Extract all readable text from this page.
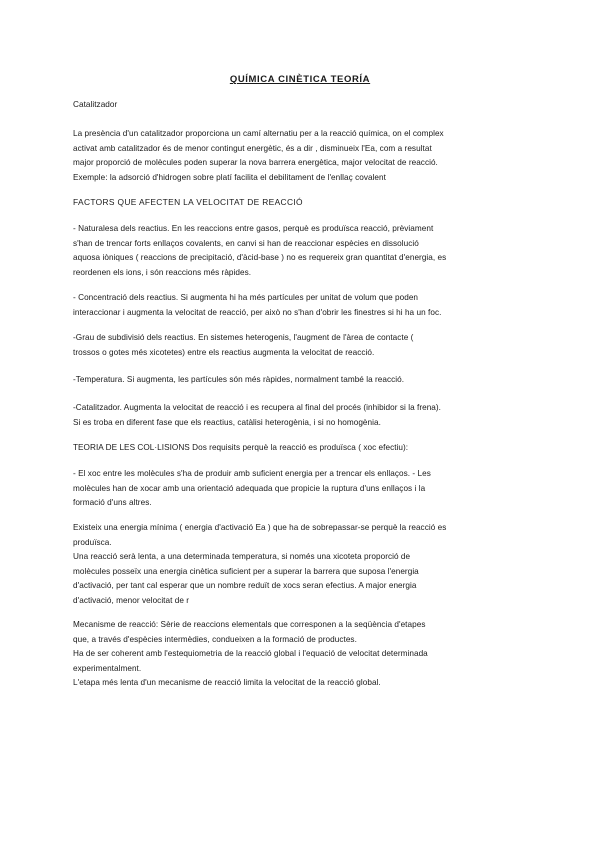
QUÍMICA CINÈTICA TEORÍA

Catalitzador

La presència d'un catalitzador proporciona un camí alternatiu per a la reacció química, on el complex
activat amb catalitzador és de menor contingut energètic, és a dir , disminueix l'Ea, com a resultat
major proporció de molècules poden superar la nova barrera energètica, major velocitat de reacció.
Exemple: la adsorció d'hidrogen sobre platí facilita el debilitament de l'enllaç covalent

FACTORS QUE AFECTEN LA VELOCITAT DE REACCIÓ

- Naturalesa dels reactius. En les reaccions entre gasos, perquè es produïsca reacció, prèviament
s'han de trencar forts enllaços covalents, en canvi si han de reaccionar espècies en dissolució
aquosa iòniques ( reaccions de precipitació, d'àcid-base ) no es requereix gran quantitat d'energia, es
reordenen els ions, i són reaccions més ràpides.

- Concentració dels reactius. Si augmenta hi ha més partícules per unitat de volum que poden
interaccionar i augmenta la velocitat de reacció, per això no s'han d'obrir les finestres si hi ha un foc.

-Grau de subdivisió dels reactius. En sistemes heterogenis, l'augment de l'àrea de contacte (
trossos o gotes més xicotetes) entre els reactius augmenta la velocitat de reacció.

-Temperatura. Si augmenta, les partícules són més ràpides, normalment també la reacció.

-Catalitzador. Augmenta la velocitat de reacció i es recupera al final del procés (inhibidor si la frena).
Si es troba en diferent fase que els reactius, catàlisi heterogènia, i si no homogènia.

TEORIA DE LES COL·LISIONS Dos requisits perquè la reacció es produïsca ( xoc efectiu):

- El xoc entre les molècules s'ha de produir amb suficient energia per a trencar els enllaços. - Les
molècules han de xocar amb una orientació adequada que propicie la ruptura d'uns enllaços i la
formació d'uns altres.

Existeix una energia mínima ( energia d'activació Ea ) que ha de sobrepassar-se perquè la reacció es
produïsca.
Una reacció serà lenta, a una determinada temperatura, si només una xicoteta proporció de
molècules posseïx una energia cinètica suficient per a superar la barrera que suposa l'energia
d'activació, per tant cal esperar que un nombre reduït de xocs seran efectius. A major energia
d'activació, menor velocitat de r

Mecanisme de reacció: Sèrie de reaccions elementals que corresponen a la seqüència d'etapes
que, a través d'espècies intermèdies, condueixen a la formació de productes.
Ha de ser coherent amb l'estequiometria de la reacció global i l'equació de velocitat determinada
experimentalment.
L'etapa més lenta d'un mecanisme de reacció limita la velocitat de la reacció global.
